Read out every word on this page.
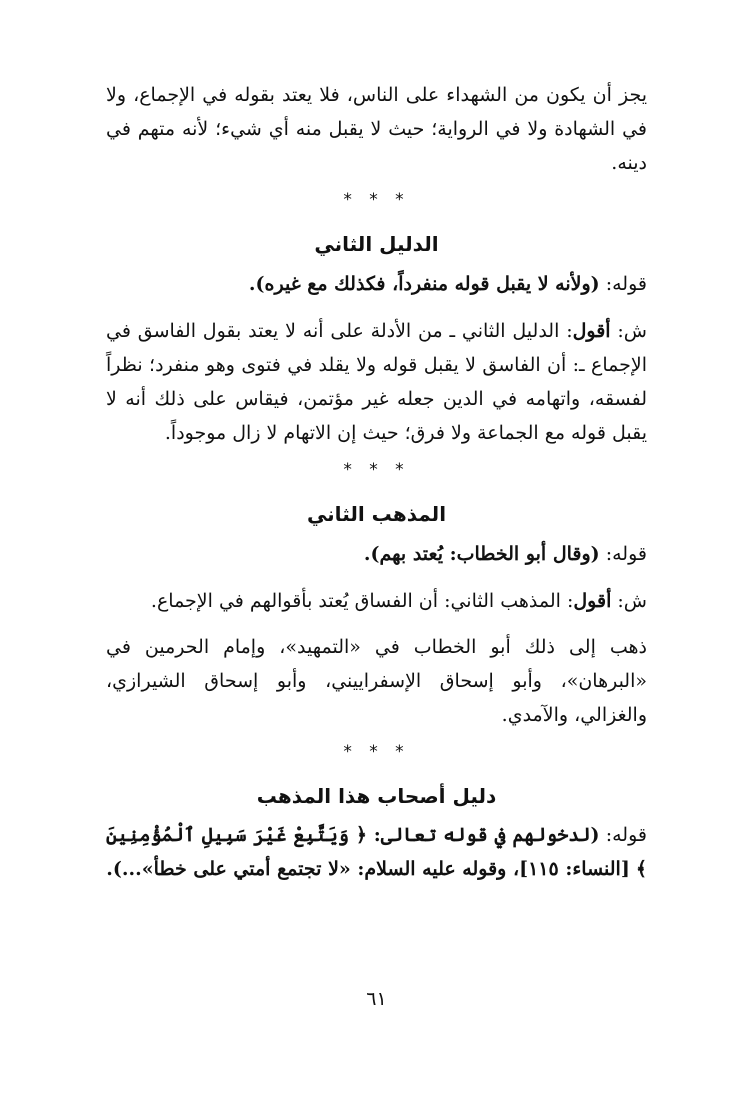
يجز أن يكون من الشهداء على الناس، فلا يعتد بقوله في الإجماع، ولا في الشهادة ولا في الرواية؛ حيث لا يقبل منه أي شيء؛ لأنه متهم في دينه.

* * *
الدليل الثاني

قوله: (ولأنه لا يقبل قوله منفرداً، فكذلك مع غيره).

ش: أقول: الدليل الثاني ـ من الأدلة على أنه لا يعتد بقول الفاسق في الإجماع ـ: أن الفاسق لا يقبل قوله ولا يقلد في فتوى وهو منفرد؛ نظراً لفسقه، واتهامه في الدين جعله غير مؤتمن، فيقاس على ذلك أنه لا يقبل قوله مع الجماعة ولا فرق؛ حيث إن الاتهام لا زال موجوداً.

* * *
المذهب الثاني

قوله: (وقال أبو الخطاب: يُعتد بهم).

ش: أقول: المذهب الثاني: أن الفساق يُعتد بأقوالهم في الإجماع.

ذهب إلى ذلك أبو الخطاب في «التمهيد»، وإمام الحرمين في «البرهان»، وأبو إسحاق الإسفراييني، وأبو إسحاق الشيرازي، والغزالي، والآمدي.

* * *
دليل أصحاب هذا المذهب

قوله: (لدخولهم في قوله تعالى: ﴿ وَيَتَّبِعْ غَيْرَ سَبِيلِ ٱلْمُؤْمِنِينَ ﴾ [النساء: ١١٥]، وقوله عليه السلام: «لا تجتمع أمتي على خطأ»...).

٦١
